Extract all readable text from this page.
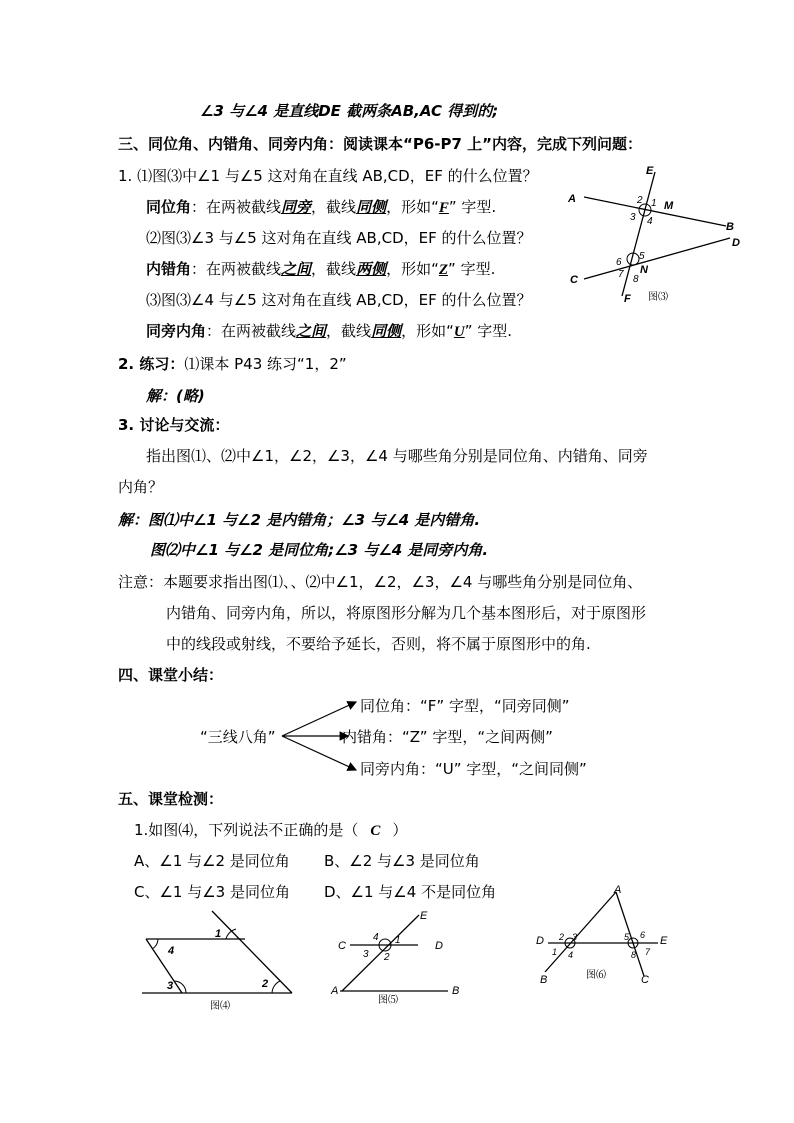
∠3 与∠4 是直线DE 截两条AB,AC 得到的;
三、同位角、内错角、同旁内角：阅读课本“P6-P7 上”内容，完成下列问题：
1. ⑴图⑶中∠1 与∠5 这对角在直线 AB,CD，EF 的什么位置？
同位角：在两被截线同旁，截线同侧，形如“F” 字型.
⑵图⑶∠3 与∠5 这对角在直线 AB,CD，EF 的什么位置？
内错角：在两被截线之间，截线两侧，形如“Z” 字型.
⑶图⑶∠4 与∠5 这对角在直线 AB,CD，EF 的什么位置？
同旁内角：在两被截线之间，截线同侧，形如“U” 字型.
A
B
C
D
E
F
M
N
2 1
3 4
6
5
7 8
图⑶
2. 练习：⑴课本 P43 练习“1，2”
解：(略)
3. 讨论与交流：
指出图⑴、⑵中∠1，∠2，∠3，∠4 与哪些角分别是同位角、内错角、同旁
内角？
解：图⑴中∠1 与∠2 是内错角；∠3 与∠4 是内错角.
图⑵中∠1 与∠2 是同位角;∠3 与∠4 是同旁内角.
注意：本题要求指出图⑴、、⑵中∠1，∠2，∠3，∠4 与哪些角分别是同位角、
内错角、同旁内角，所以，将原图形分解为几个基本图形后，对于原图形
中的线段或射线，不要给予延长，否则，将不属于原图形中的角.
四、课堂小结：
“三线八角”
同位角：“F” 字型，“同旁同侧”
内错角：“Z” 字型，“之间两侧”
同旁内角：“U” 字型，“之间同侧”
五、课堂检测：
1.如图⑷，下列说法不正确的是（ C ）
A、∠1 与∠2 是同位角 B、∠2 与∠3 是同位角
C、∠1 与∠3 是同位角 D、∠1 与∠4 不是同位角
1
2
3
4
图⑷
C	D
E
A	B
4 1
3 2
图⑸
A
D	E
B	C
2 3
1 4
5 6
8 7
图⑹
